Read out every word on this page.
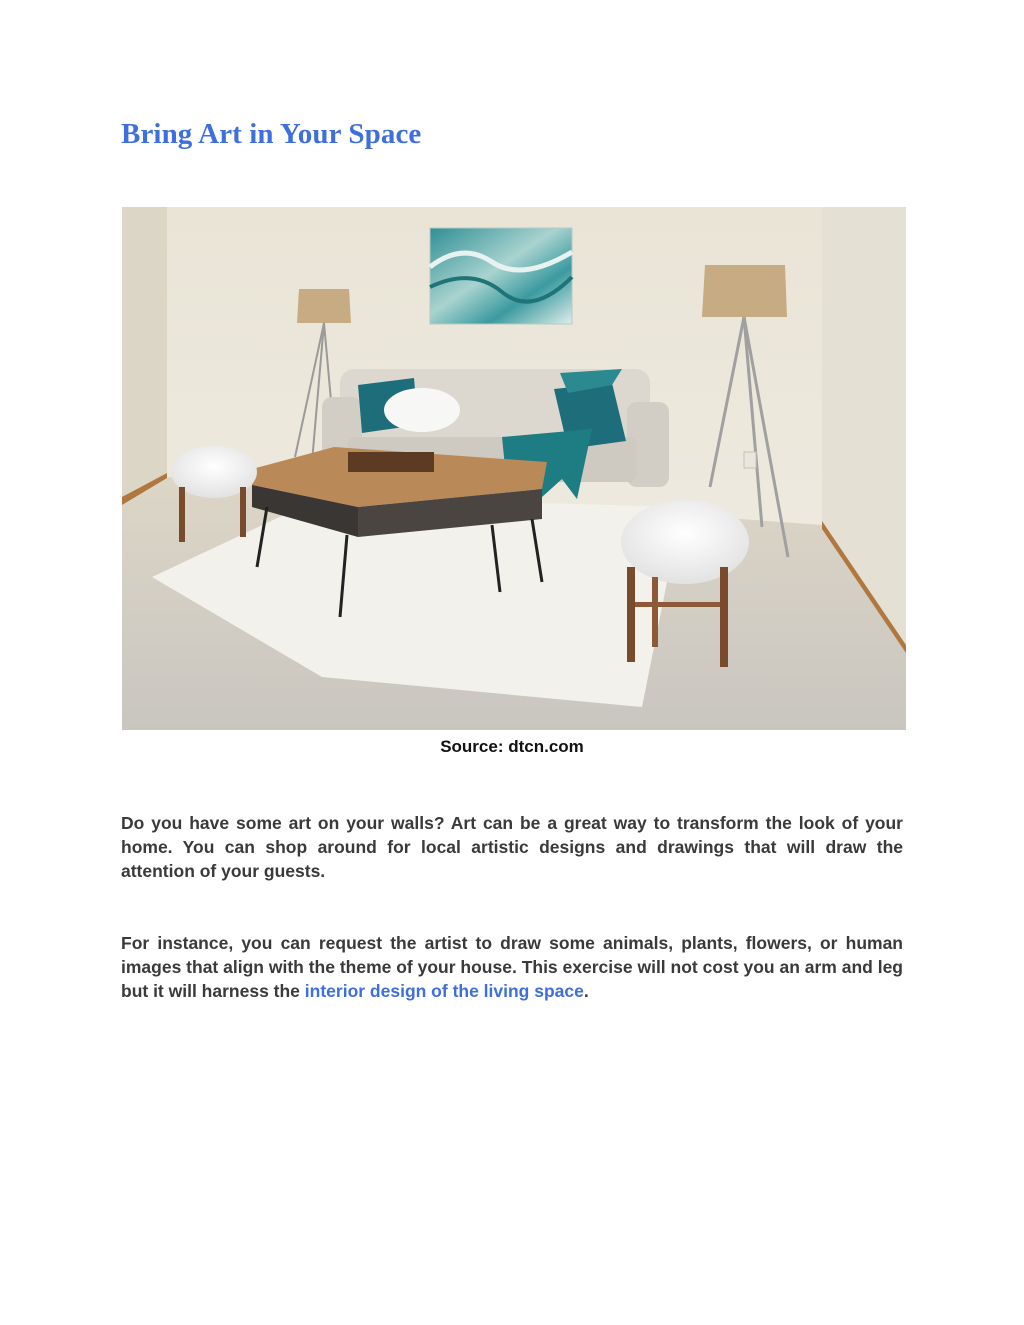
Bring Art in Your Space
Source: dtcn.com

Do you have some art on your walls? Art can be a great way to transform the look of your home. You can shop around for local artistic designs and drawings that will draw the attention of your guests.

For instance, you can request the artist to draw some animals, plants, flowers, or human images that align with the theme of your house. This exercise will not cost you an arm and leg but it will harness the interior design of the living space.
